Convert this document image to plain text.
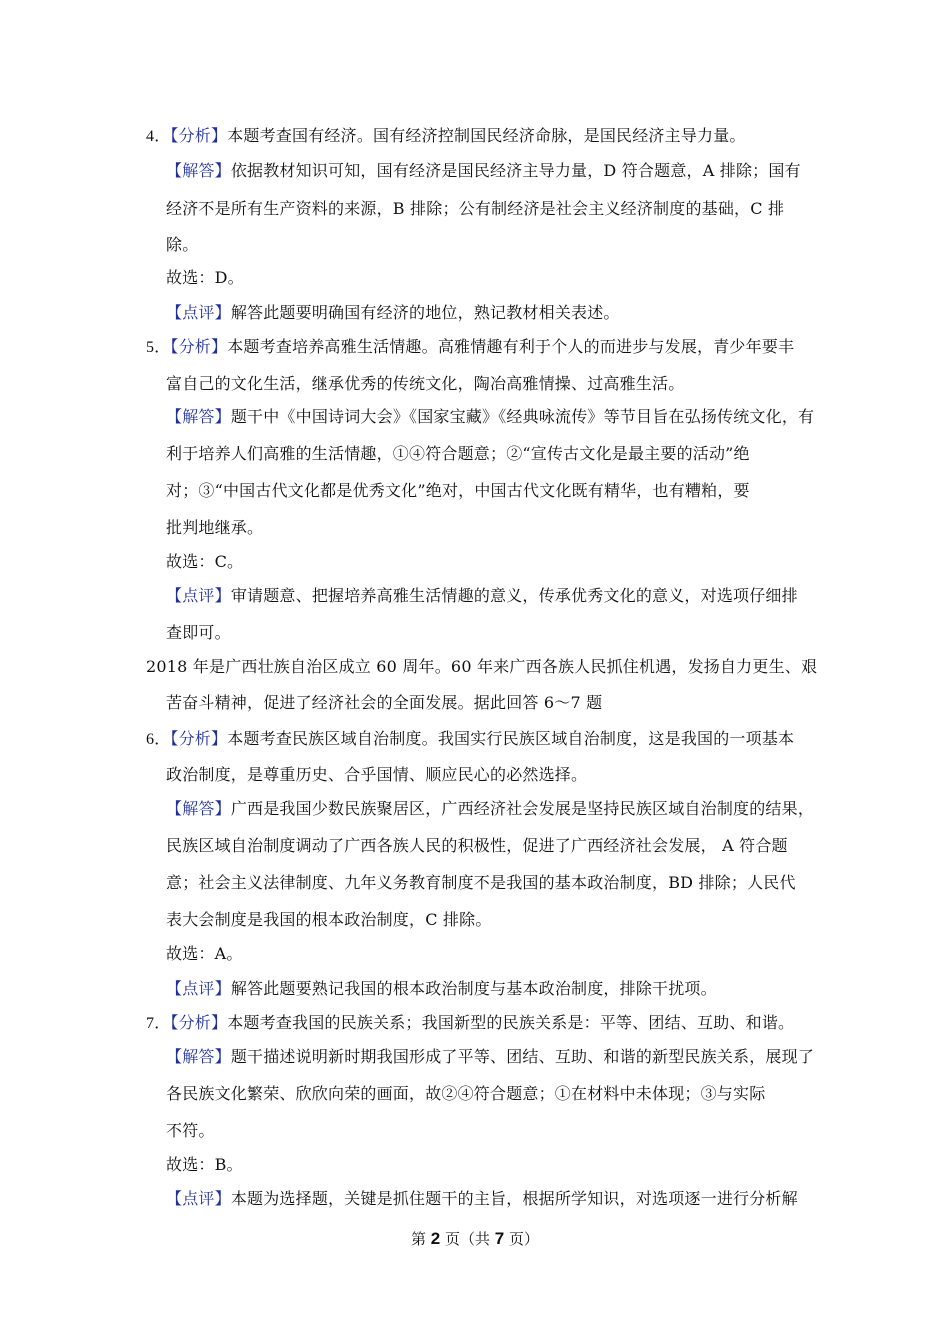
4．【分析】本题考查国有经济。国有经济控制国民经济命脉，是国民经济主导力量。
【解答】依据教材知识可知，国有经济是国民经济主导力量，D 符合题意，A 排除；国有
经济不是所有生产资料的来源，B 排除；公有制经济是社会主义经济制度的基础，C 排
除。
故选：D。
【点评】解答此题要明确国有经济的地位，熟记教材相关表述。
5．【分析】本题考查培养高雅生活情趣。高雅情趣有利于个人的而进步与发展，青少年要丰
富自己的文化生活，继承优秀的传统文化，陶冶高雅情操、过高雅生活。
【解答】题干中《中国诗词大会》《国家宝藏》《经典咏流传》等节目旨在弘扬传统文化，有
利于培养人们高雅的生活情趣，①④符合题意；②“宣传古文化是最主要的活动”绝
对；③“中国古代文化都是优秀文化”绝对，中国古代文化既有精华，也有糟粕，要
批判地继承。
故选：C。
【点评】审请题意、把握培养高雅生活情趣的意义，传承优秀文化的意义，对选项仔细排
查即可。
2018 年是广西壮族自治区成立 60 周年。60 年来广西各族人民抓住机遇，发扬自力更生、艰
苦奋斗精神，促进了经济社会的全面发展。据此回答 6～7 题
6．【分析】本题考查民族区域自治制度。我国实行民族区域自治制度，这是我国的一项基本
政治制度，是尊重历史、合乎国情、顺应民心的必然选择。
【解答】广西是我国少数民族聚居区，广西经济社会发展是坚持民族区域自治制度的结果，
民族区域自治制度调动了广西各族人民的积极性，促进了广西经济社会发展， A 符合题
意；社会主义法律制度、九年义务教育制度不是我国的基本政治制度，BD 排除；人民代
表大会制度是我国的根本政治制度，C 排除。
故选：A。
【点评】解答此题要熟记我国的根本政治制度与基本政治制度，排除干扰项。
7．【分析】本题考查我国的民族关系；我国新型的民族关系是：平等、团结、互助、和谐。
【解答】题干描述说明新时期我国形成了平等、团结、互助、和谐的新型民族关系，展现了
各民族文化繁荣、欣欣向荣的画面，故②④符合题意；①在材料中未体现；③与实际
不符。
故选：B。
【点评】本题为选择题，关键是抓住题干的主旨，根据所学知识，对选项逐一进行分析解
第 2 页（共 7 页）
